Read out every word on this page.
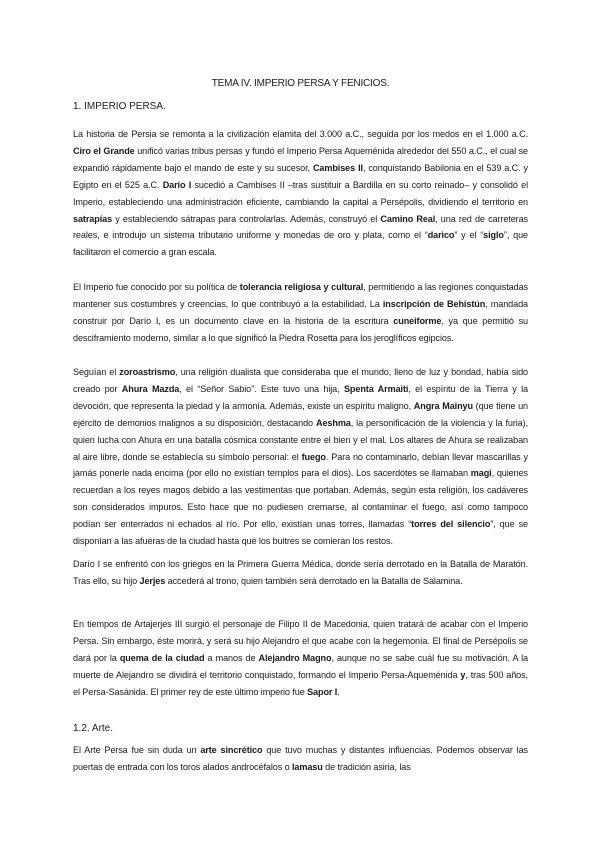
TEMA IV. IMPERIO PERSA Y FENICIOS.
1. IMPERIO PERSA.
La historia de Persia se remonta a la civilización elamita del 3.000 a.C., seguida por los medos en el 1.000 a.C. Ciro el Grande unificó varias tribus persas y fundó el Imperio Persa Aqueménida alrededor del 550 a.C., el cual se expandió rápidamente bajo el mando de este y su sucesor, Cambises II, conquistando Babilonia en el 539 a.C. y Egipto en el 525 a.C. Darío I sucedió a Cambises II –tras sustituir a Bardilla en su corto reinado– y consolidó el Imperio, estableciendo una administración eficiente, cambiando la capital a Persépolis, dividiendo el territorio en satrapías y estableciendo sátrapas para controlarlas. Además, construyó el Camino Real, una red de carreteras reales, e introdujo un sistema tributario uniforme y monedas de oro y plata, como el “darico” y el “siglo”, que facilitaron el comercio a gran escala.
El Imperio fue conocido por su política de tolerancia religiosa y cultural, permitiendo a las regiones conquistadas mantener sus costumbres y creencias, lo que contribuyó a la estabilidad. La inscripción de Behistún, mandada construir por Darío I, es un documento clave en la historia de la escritura cuneiforme, ya que permitió su desciframiento moderno, similar a lo que significó la Piedra Rosetta para los jeroglíficos egipcios.
Seguían el zoroastrismo, una religión dualista que consideraba que el mundo, lleno de luz y bondad, había sido creado por Ahura Mazda, el “Señor Sabio”. Este tuvo una hija, Spenta Armaiti, el espíritu de la Tierra y la devoción, que representa la piedad y la armonía. Además, existe un espíritu maligno, Angra Mainyu (que tiene un ejército de demonios malignos a su disposición, destacando Aeshma, la personificación de la violencia y la furia), quien lucha con Ahura en una batalla cósmica constante entre el bien y el mal. Los altares de Ahura se realizaban al aire libre, donde se establecía su símbolo personal: el fuego. Para no contaminarlo, debían llevar mascarillas y jamás ponerle nada encima (por ello no existían templos para el dios). Los sacerdotes se llamaban magi, quienes recuerdan a los reyes magos debido a las vestimentas que portaban. Además, según esta religión, los cadáveres son considerados impuros. Esto hace que no pudiesen cremarse, al contaminar el fuego, así como tampoco podían ser enterrados ni echados al río. Por ello, existían unas torres, llamadas “torres del silencio”, que se disponían a las afueras de la ciudad hasta que los buitres se comieran los restos.
Darío I se enfrentó con los griegos en la Primera Guerra Médica, donde sería derrotado en la Batalla de Maratón. Tras ello, su hijo Jerjes accederá al trono, quien también será derrotado en la Batalla de Salamina.
En tiempos de Artajerjes III surgió el personaje de Filipo II de Macedonia, quien tratará de acabar con el Imperio Persa. Sin embargo, éste morirá, y será su hijo Alejandro el que acabe con la hegemonía. El final de Persépolis se dará por la quema de la ciudad a manos de Alejandro Magno, aunque no se sabe cuál fue su motivación. A la muerte de Alejandro se dividirá el territorio conquistado, formando el Imperio Persa-Aqueménida y, tras 500 años, el Persa-Sasánida. El primer rey de este último imperio fue Sapor I.
1.2. Arte.
El Arte Persa fue sin duda un arte sincrético que tuvo muchas y distantes influencias. Podemos observar las puertas de entrada con los toros alados androcéfalos o lamasu de tradición asiria, las
